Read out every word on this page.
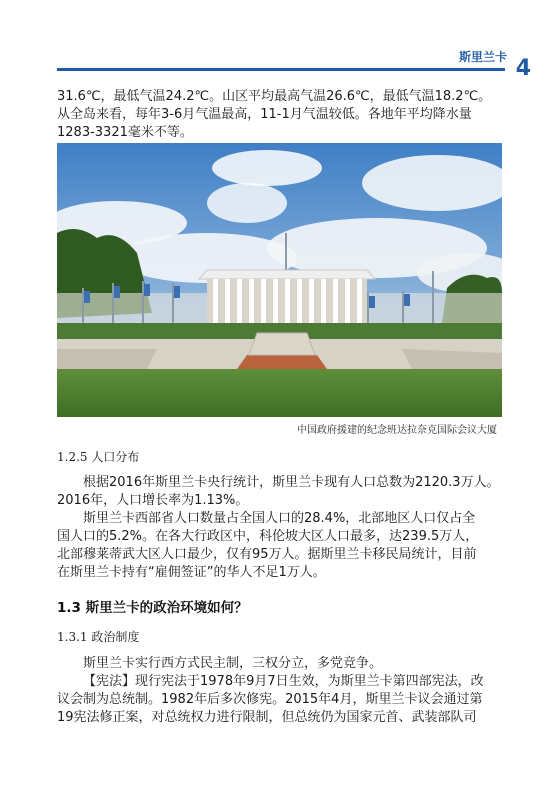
斯里兰卡 4

31.6℃，最低气温24.2℃。山区平均最高气温26.6℃，最低气温18.2℃。

从全岛来看，每年3-6月气温最高，11-1月气温较低。各地年平均降水量

1283-3321毫米不等。

中国政府援建的纪念班达拉奈克国际会议大厦
1.2.5 人口分布

根据2016年斯里兰卡央行统计，斯里兰卡现有人口总数为2120.3万人。

2016年，人口增长率为1.13%。

斯里兰卡西部省人口数量占全国人口的28.4%，北部地区人口仅占全

国人口的5.2%。在各大行政区中，科伦坡大区人口最多，达239.5万人，

北部穆莱蒂武大区人口最少，仅有95万人。据斯里兰卡移民局统计，目前

在斯里兰卡持有“雇佣签证”的华人不足1万人。

1.3 斯里兰卡的政治环境如何？
1.3.1 政治制度

斯里兰卡实行西方式民主制，三权分立，多党竞争。

【宪法】现行宪法于1978年9月7日生效，为斯里兰卡第四部宪法，改

议会制为总统制。1982年后多次修宪。2015年4月，斯里兰卡议会通过第

19宪法修正案，对总统权力进行限制，但总统仍为国家元首、武装部队司
